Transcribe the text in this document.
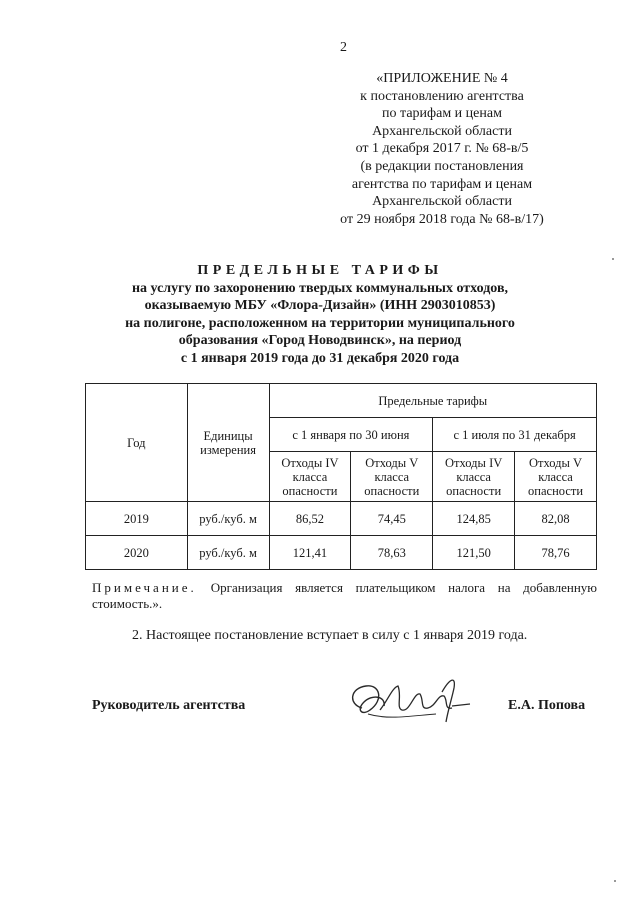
2
«ПРИЛОЖЕНИЕ № 4
к постановлению агентства
по тарифам и ценам
Архангельской области
от 1 декабря 2017 г. № 68-в/5
(в редакции постановления
агентства по тарифам и ценам
Архангельской области
от 29 ноября 2018 года № 68-в/17)
ПРЕДЕЛЬНЫЕ ТАРИФЫ
на услугу по захоронению твердых коммунальных отходов,
оказываемую МБУ «Флора-Дизайн» (ИНН 2903010853)
на полигоне, расположенном на территории муниципального
образования «Город Новодвинск», на период
с 1 января 2019 года до 31 декабря 2020 года
Год	Единицы измерения	Предельные тарифы			
		с 1 января по 30 июня		с 1 июля по 31 декабря	
		Отходы IV класса опасности	Отходы V класса опасности	Отходы IV класса опасности	Отходы V класса опасности
2019	руб./куб. м	86,52	74,45	124,85	82,08
2020	руб./куб. м	121,41	78,63	121,50	78,76
Примечание. Организация является плательщиком налога на добавленную стоимость.».
2. Настоящее постановление вступает в силу с 1 января 2019 года.
Руководитель агентства	Е.А. Попова
